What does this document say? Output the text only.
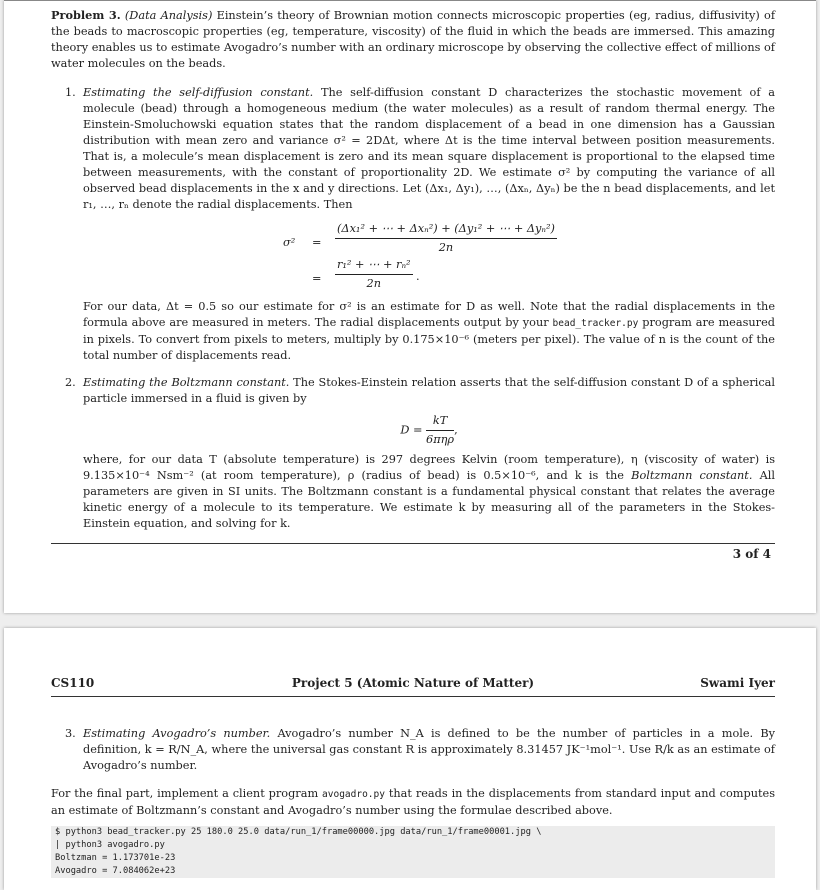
Problem 3. (Data Analysis) Einstein’s theory of Brownian motion connects microscopic properties (eg, radius, diffusivity) of the beads to macroscopic properties (eg, temperature, viscosity) of the fluid in which the beads are immersed. This amazing theory enables us to estimate Avogadro’s number with an ordinary microscope by observing the collective effect of millions of water molecules on the beads.

1. Estimating the self-diffusion constant. The self-diffusion constant D characterizes the stochastic movement of a molecule (bead) through a homogeneous medium (the water molecules) as a result of random thermal energy. The Einstein-Smoluchowski equation states that the random displacement of a bead in one dimension has a Gaussian distribution with mean zero and variance σ² = 2DΔt, where Δt is the time interval between position measurements. That is, a molecule’s mean displacement is zero and its mean square displacement is proportional to the elapsed time between measurements, with the constant of proportionality 2D. We estimate σ² by computing the variance of all observed bead displacements in the x and y directions. Let (Δx₁, Δy₁), …, (Δxₙ, Δyₙ) be the n bead displacements, and let r₁, …, rₙ denote the radial displacements. Then

σ² =
(Δx₁² + ⋯ + Δxₙ²) + (Δy₁² + ⋯ + Δyₙ²)
2n
= $\frac{\text{r₁² + ⋯ + rₙ²}}{2n}$ .

For our data, Δt = 0.5 so our estimate for σ² is an estimate for D as well. Note that the radial displacements in the formula above are measured in meters. The radial displacements output by your bead_tracker.py program are measured in pixels. To convert from pixels to meters, multiply by 0.175×10⁻⁶ (meters per pixel). The value of n is the count of the total number of displacements read.

2. Estimating the Boltzmann constant. The Stokes-Einstein relation asserts that the self-diffusion constant D of a spherical particle immersed in a fluid is given by

$D = \frac{kT}{\text{6πηρ}}$ ,

where, for our data T (absolute temperature) is 297 degrees Kelvin (room temperature), η (viscosity of water) is 9.135×10⁻⁴ Nsm⁻² (at room temperature), ρ (radius of bead) is 0.5×10⁻⁶, and k is the Boltzmann constant. All parameters are given in SI units. The Boltzmann constant is a fundamental physical constant that relates the average kinetic energy of a molecule to its temperature. We estimate k by measuring all of the parameters in the Stokes-Einstein equation, and solving for k.

3 of 4
Project 5 (Atomic Nature of Matter)
CS110	Swami Iyer
3. Estimating Avogadro’s number. Avogadro’s number N_A is defined to be the number of particles in a mole. By definition, k = R/N_A, where the universal gas constant R is approximately 8.31457 JK⁻¹mol⁻¹. Use R/k as an estimate of Avogadro’s number.

For the final part, implement a client program avogadro.py that reads in the displacements from standard input and computes an estimate of Boltzmann’s constant and Avogadro’s number using the formulae described above.

$ python3 bead_tracker.py 25 180.0 25.0 data/run_1/frame00000.jpg data/run_1/frame00001.jpg \
| python3 avogadro.py
Boltzman = 1.173701e-23
Avogadro = 7.084062e+23
